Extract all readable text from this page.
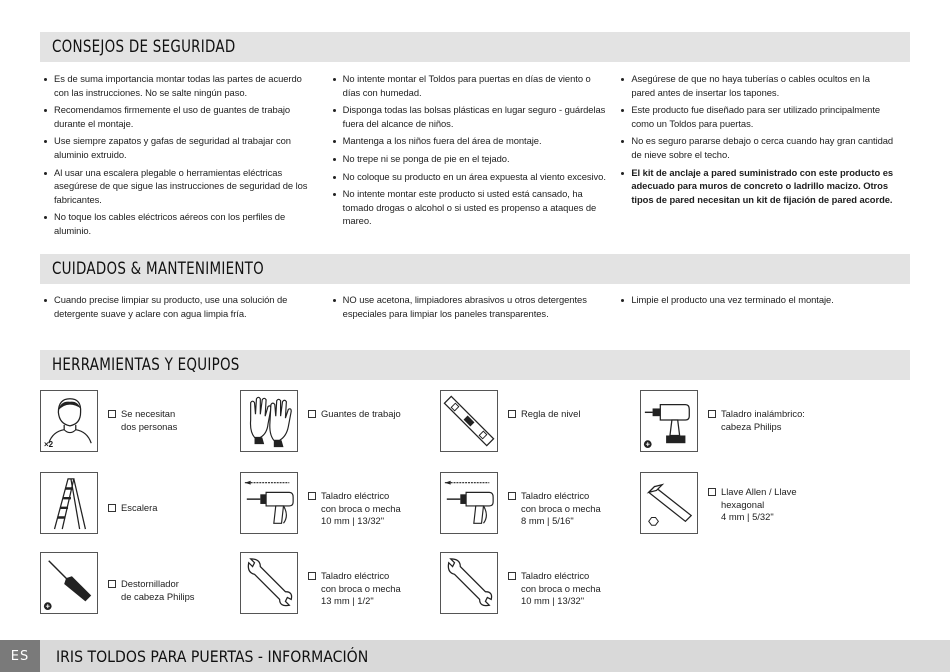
CONSEJOS DE SEGURIDAD
Es de suma importancia montar todas las partes de acuerdo con las instrucciones. No se salte ningún paso.
Recomendamos firmemente el uso de guantes de trabajo durante el montaje.
Use siempre zapatos y gafas de seguridad al trabajar con aluminio extruido.
Al usar una escalera plegable o herramientas eléctricas asegúrese de que sigue las instrucciones de seguridad de los fabricantes.
No toque los cables eléctricos aéreos con los perfiles de aluminio.
No intente montar el Toldos para puertas en días de viento o días con humedad.
Disponga todas las bolsas plásticas en lugar seguro - guárdelas fuera del alcance de niños.
Mantenga a los niños fuera del área de montaje.
No trepe ni se ponga de pie en el tejado.
No coloque su producto en un área expuesta al viento excesivo.
No intente montar este producto si usted está cansado, ha tomado drogas o alcohol o si usted es propenso a ataques de mareo.
Asegúrese de que no haya tuberías o cables ocultos en la pared antes de insertar los tapones.
Este producto fue diseñado para ser utilizado principalmente como un Toldos para puertas.
No es seguro pararse debajo o cerca cuando hay gran cantidad de nieve sobre el techo.
El kit de anclaje a pared suministrado con este producto es adecuado para muros de concreto o ladrillo macizo. Otros tipos de pared necesitan un kit de fijación de pared acorde.
CUIDADOS & MANTENIMIENTO
Cuando precise limpiar su producto, use una solución de detergente suave y aclare con agua limpia fría.
NO use acetona, limpiadores abrasivos u otros detergentes especiales para limpiar los paneles transparentes.
Limpie el producto una vez terminado el montaje.
HERRAMIENTAS Y EQUIPOS
×2
Se necesitan
dos personas
Guantes de trabajo	Regla de nivel	Taladro inalámbrico:
cabeza Philips
Escalera
Taladro eléctrico
con broca o mecha
10 mm | 13/32"
Taladro eléctrico
con broca o mecha
8 mm | 5/16"
Llave Allen / Llave
hexagonal
4 mm | 5/32"
Destornillador
de cabeza Philips
Taladro eléctrico
con broca o mecha
13 mm | 1/2"
Taladro eléctrico
con broca o mecha
10 mm | 13/32"
ES	IRIS TOLDOS PARA PUERTAS - INFORMACIÓN
